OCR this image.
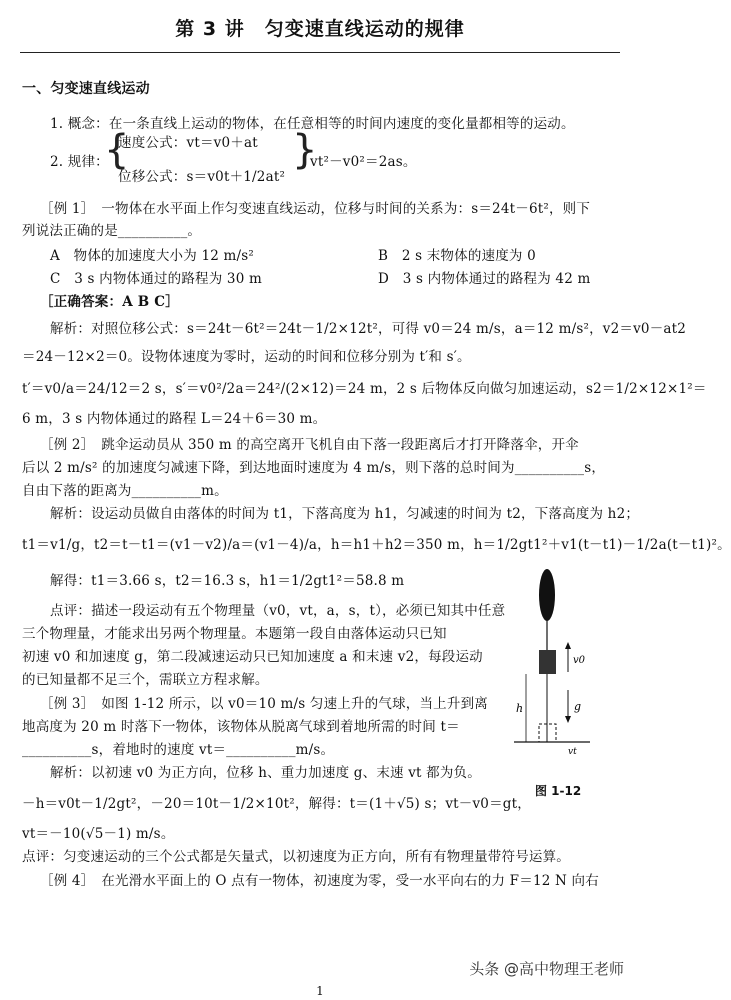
第 3 讲　匀变速直线运动的规律
一、匀变速直线运动
1. 概念：在一条直线上运动的物体，在任意相等的时间内速度的变化量都相等的运动。
2. 规律：
{
速度公式：vt＝v0＋at
位移公式：s＝v0t＋1/2at²
}
vt²－v0²＝2as。
［例 1］　一物体在水平面上作匀变速直线运动，位移与时间的关系为：s＝24t－6t²，则下
列说法正确的是__________。
A　物体的加速度大小为 12 m/s²	B　2 s 末物体的速度为 0
C　3 s 内物体通过的路程为 30 m	D　3 s 内物体通过的路程为 42 m
［正确答案：A B C］
解析：对照位移公式：s＝24t－6t²＝24t－1/2×12t²，可得 v0＝24 m/s，a＝12 m/s²，v2＝v0－at2
＝24－12×2＝0。设物体速度为零时，运动的时间和位移分别为 t′和 s′。
t′＝v0/a＝24/12＝2 s，s′＝v0²/2a＝24²/(2×12)＝24 m，2 s 后物体反向做匀加速运动，s2＝1/2×12×1²＝
6 m，3 s 内物体通过的路程 L＝24＋6＝30 m。
［例 2］　跳伞运动员从 350 m 的高空离开飞机自由下落一段距离后才打开降落伞，开伞
后以 2 m/s² 的加速度匀减速下降，到达地面时速度为 4 m/s，则下落的总时间为__________s，
自由下落的距离为__________m。
解析：设运动员做自由落体的时间为 t1，下落高度为 h1，匀减速的时间为 t2，下落高度为 h2；
t1＝v1/g，t2＝t－t1＝(v1－v2)/a＝(v1－4)/a，h＝h1＋h2＝350 m，h＝1/2gt1²＋v1(t－t1)－1/2a(t－t1)²。
解得：t1＝3.66 s，t2＝16.3 s，h1＝1/2gt1²＝58.8 m
点评：描述一段运动有五个物理量（v0，vt，a，s，t），必须已知其中任意
三个物理量，才能求出另两个物理量。本题第一段自由落体运动只已知
初速 v0 和加速度 g，第二段减速运动只已知加速度 a 和末速 v2，每段运动
的已知量都不足三个，需联立方程求解。
［例 3］　如图 1-12 所示，以 v0＝10 m/s 匀速上升的气球，当上升到离
地高度为 20 m 时落下一物体，该物体从脱离气球到着地所需的时间 t＝
__________s，着地时的速度 vt＝__________m/s。
解析：以初速 v0 为正方向，位移 h、重力加速度 g、末速 vt 都为负。
－h＝v0t－1/2gt²，－20＝10t－1/2×10t²，解得：t＝(1＋√5) s；vt－v0＝gt，
vt＝－10(√5－1) m/s。
点评：匀变速运动的三个公式都是矢量式，以初速度为正方向，所有有物理量带符号运算。
［例 4］　在光滑水平面上的 O 点有一物体，初速度为零，受一水平向右的力 F＝12 N 向右
v0
g
h
vt
图 1-12
头条 @高中物理王老师
1
